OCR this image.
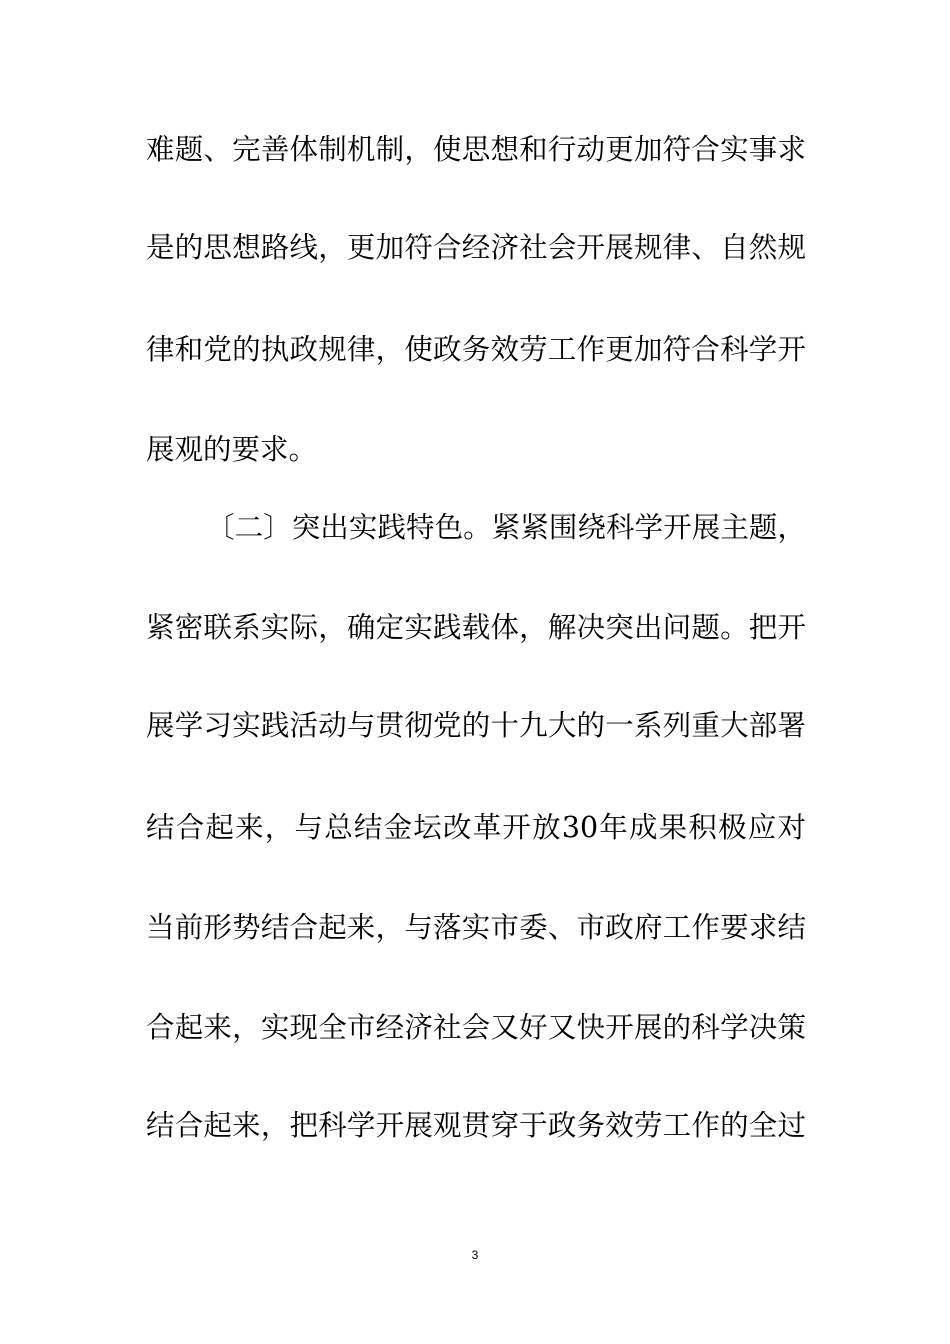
难题、完善体制机制，使思想和行动更加符合实事求
是的思想路线，更加符合经济社会开展规律、自然规
律和党的执政规律，使政务效劳工作更加符合科学开
展观的要求。
〔二〕突出实践特色。紧紧围绕科学开展主题，
紧密联系实际，确定实践载体，解决突出问题。把开
展学习实践活动与贯彻党的十九大的一系列重大部署
结合起来，与总结金坛改革开放30年成果积极应对
当前形势结合起来，与落实市委、市政府工作要求结
合起来，实现全市经济社会又好又快开展的科学决策
结合起来，把科学开展观贯穿于政务效劳工作的全过
3
